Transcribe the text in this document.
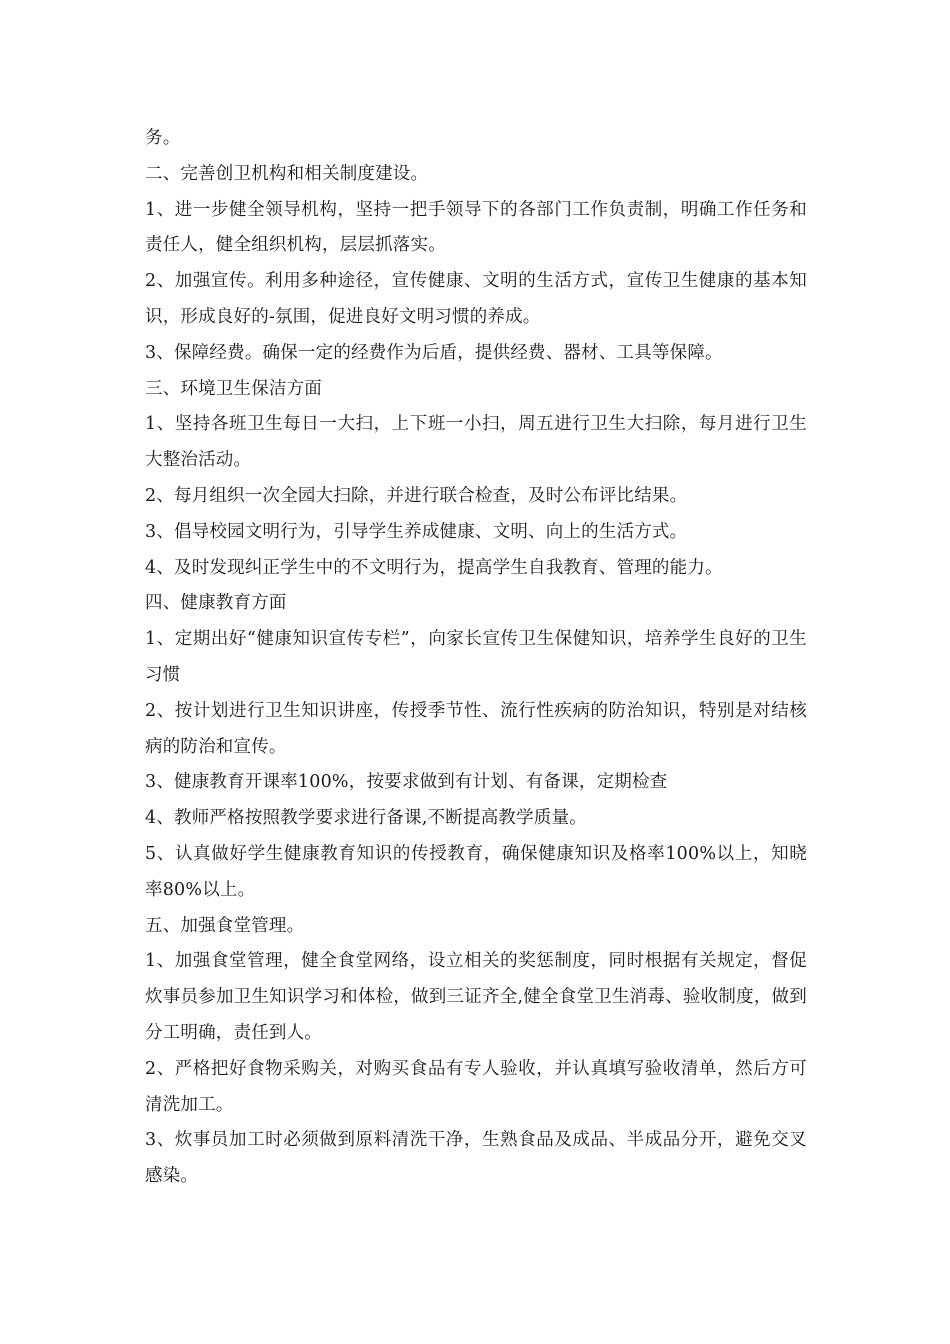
务。

二、完善创卫机构和相关制度建设。

1、进一步健全领导机构，坚持一把手领导下的各部门工作负责制，明确工作任务和责任人，健全组织机构，层层抓落实。

2、加强宣传。利用多种途径，宣传健康、文明的生活方式，宣传卫生健康的基本知识，形成良好的-氛围，促进良好文明习惯的养成。

3、保障经费。确保一定的经费作为后盾，提供经费、器材、工具等保障。

三、环境卫生保洁方面

1、坚持各班卫生每日一大扫，上下班一小扫，周五进行卫生大扫除，每月进行卫生大整治活动。

2、每月组织一次全园大扫除，并进行联合检查，及时公布评比结果。

3、倡导校园文明行为，引导学生养成健康、文明、向上的生活方式。

4、及时发现纠正学生中的不文明行为，提高学生自我教育、管理的能力。

四、健康教育方面

1、定期出好“健康知识宣传专栏”，向家长宣传卫生保健知识，培养学生良好的卫生习惯

2、按计划进行卫生知识讲座，传授季节性、流行性疾病的防治知识，特别是对结核病的防治和宣传。

3、健康教育开课率100%，按要求做到有计划、有备课，定期检查

4、教师严格按照教学要求进行备课,不断提高教学质量。

5、认真做好学生健康教育知识的传授教育，确保健康知识及格率100%以上，知晓率80%以上。

五、加强食堂管理。

1、加强食堂管理，健全食堂网络，设立相关的奖惩制度，同时根据有关规定，督促炊事员参加卫生知识学习和体检，做到三证齐全,健全食堂卫生消毒、验收制度，做到分工明确，责任到人。

2、严格把好食物采购关，对购买食品有专人验收，并认真填写验收清单，然后方可清洗加工。

3、炊事员加工时必须做到原料清洗干净，生熟食品及成品、半成品分开，避免交叉感染。
